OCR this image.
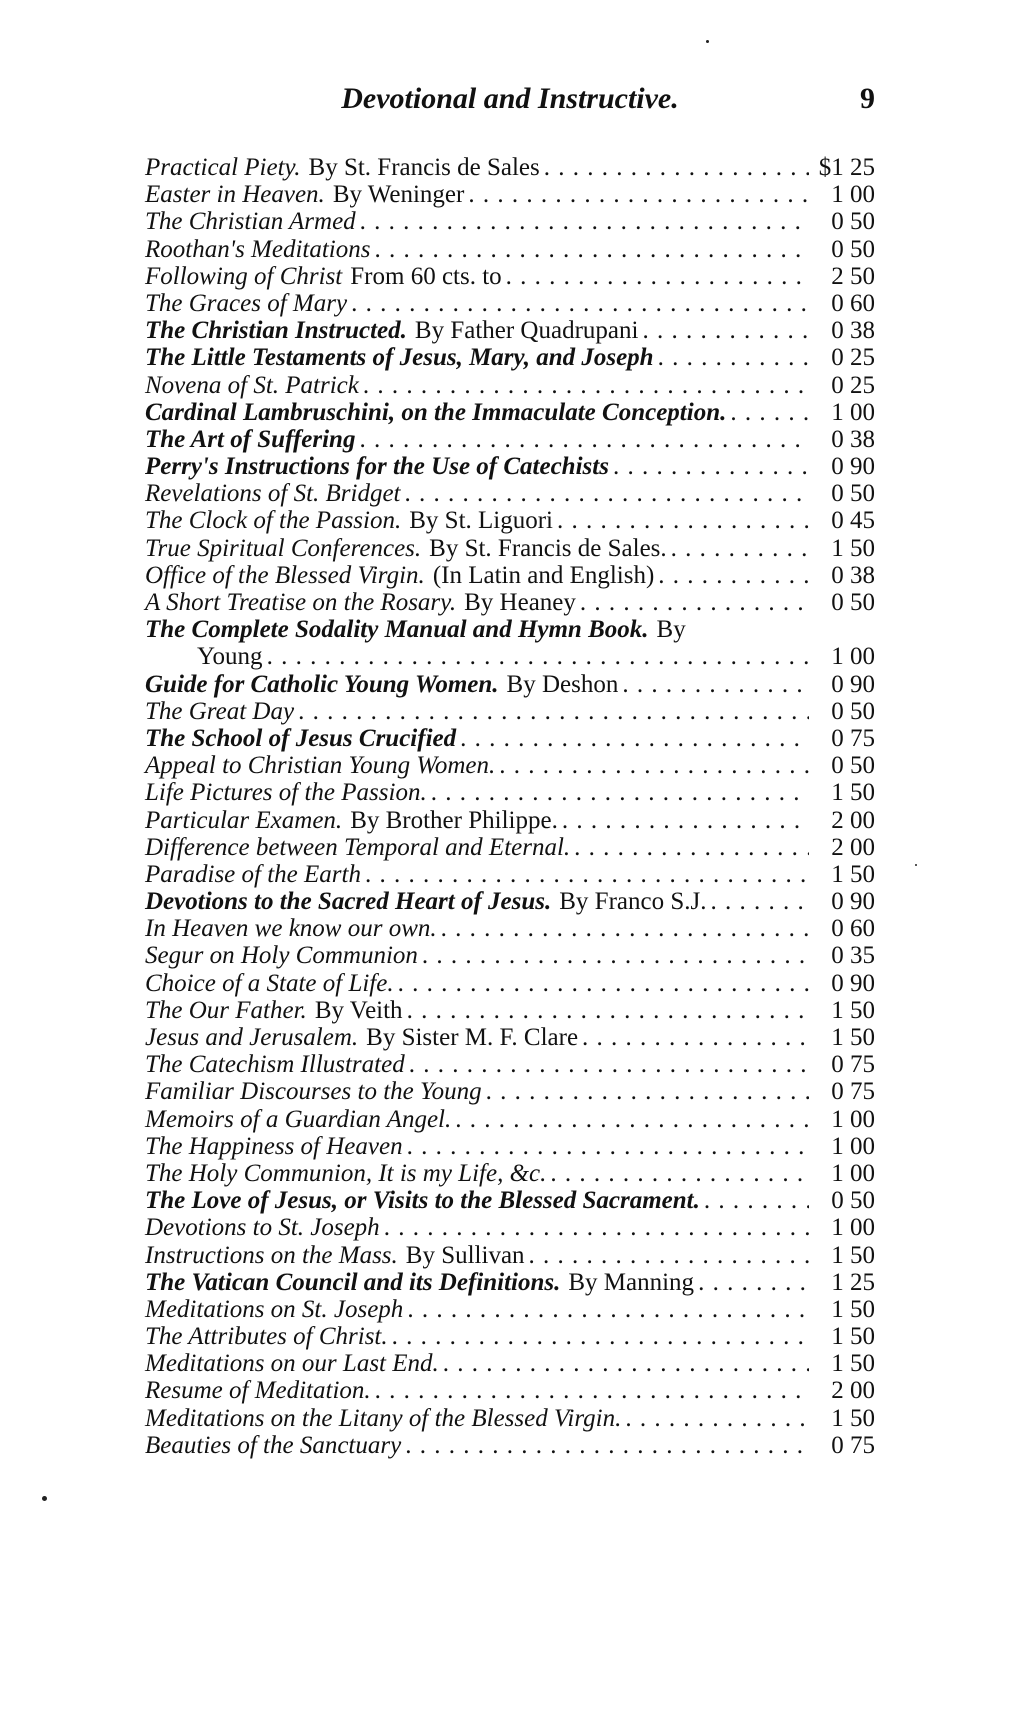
Devotional and Instructive.	9
Practical Piety. By St. Francis de Sales . . .	$1 25
Easter in Heaven. By Weninger . . .	1 00
The Christian Armed . . .	0 50
Roothan's Meditations . . .	0 50
Following of Christ From 60 cts. to . . .	2 50
The Graces of Mary . . .	0 60
The Christian Instructed. By Father Quadrupani . . .	0 38
The Little Testaments of Jesus, Mary, and Joseph . . .	0 25
Novena of St. Patrick . . .	0 25
Cardinal Lambruschini, on the Immaculate Conception. . . .	1 00
The Art of Suffering . . .	0 38
Perry's Instructions for the Use of Catechists . . .	0 90
Revelations of St. Bridget . . .	0 50
The Clock of the Passion. By St. Liguori . . .	0 45
True Spiritual Conferences. By St. Francis de Sales. . . .	1 50
Office of the Blessed Virgin. (In Latin and English) . . .	0 38
A Short Treatise on the Rosary. By Heaney . . .	0 50
The Complete Sodality Manual and Hymn Book. By
Young . . .	1 00
Guide for Catholic Young Women. By Deshon . . .	0 90
The Great Day . . .	0 50
The School of Jesus Crucified . . .	0 75
Appeal to Christian Young Women. . . .	0 50
Life Pictures of the Passion. . . .	1 50
Particular Examen. By Brother Philippe. . . .	2 00
Difference between Temporal and Eternal. . . .	2 00
Paradise of the Earth . . .	1 50
Devotions to the Sacred Heart of Jesus. By Franco S.J. . . .	0 90
In Heaven we know our own. . . .	0 60
Segur on Holy Communion . . .	0 35
Choice of a State of Life. . . .	0 90
The Our Father. By Veith . . .	1 50
Jesus and Jerusalem. By Sister M. F. Clare . . .	1 50
The Catechism Illustrated . . .	0 75
Familiar Discourses to the Young . . .	0 75
Memoirs of a Guardian Angel. . . .	1 00
The Happiness of Heaven . . .	1 00
The Holy Communion, It is my Life, &c. . . .	1 00
The Love of Jesus, or Visits to the Blessed Sacrament. . . .	0 50
Devotions to St. Joseph . . .	1 00
Instructions on the Mass. By Sullivan . . .	1 50
The Vatican Council and its Definitions. By Manning . . .	1 25
Meditations on St. Joseph . . .	1 50
The Attributes of Christ. . . .	1 50
Meditations on our Last End. . . .	1 50
Resume of Meditation. . . .	2 00
Meditations on the Litany of the Blessed Virgin. . . .	1 50
Beauties of the Sanctuary . . .	0 75
